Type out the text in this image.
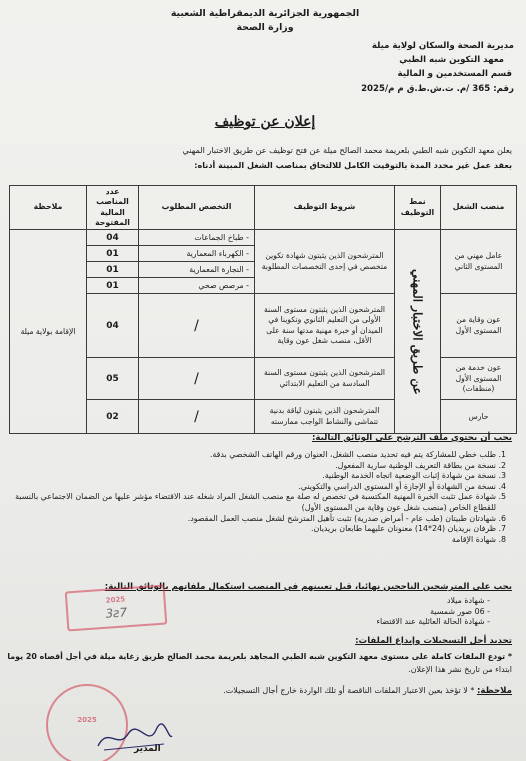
الجمهورية الجزائرية الديمقراطية الشعبية
وزارة الصحة
مديرية الصحة والسكان لولاية ميلة
معهد التكوين شبه الطبي
قسم المستخدمين و المالية
رقم: 365 /م. ت.ش.ط.ق م م/2025
إعلان عن توظيف
يعلن معهد التكوين شبه الطبي بلعريمة محمد الصالح ميلة عن فتح توظيف عن طريق الاختبار المهني
بعقد عمل غير محدد المدة بالتوقيت الكامل للالتحاق بمناصب الشغل المبينة أدناه:
منصب الشغل	نمط التوظيف	شروط التوظيف	التخصص المطلوب	عدد المناصب المالية المفتوحة	ملاحظة
عامل مهني من المستوى الثاني	عن طريق الاختبار المهني	المترشحون الذين يثبتون شهادة تكوين متخصص في إحدى التخصصات المطلوبة	- طباخ الجماعات	04	الإقامة بولاية ميلة
			- الكهرباء المعمارية	01	
			- النجارة المعمارية	01	
			- مرصص صحي	01	
عون وقاية من المستوى الأول		المترشحون الذين يثبتون مستوى السنة الأولى من التعليم الثانوي وتكوينا في الميدان أو خبرة مهنية مدتها سنة على الأقل، منصب شغل عون وقاية	/	04	
عون خدمة من المستوى الأول (منظفات)		المترشحون الذين يثبتون مستوى السنة السادسة من التعليم الابتدائي	/	05	
حارس		المترشحون الذين يثبتون لياقة بدنية تتماشى والنشاط الواجب ممارسته	/	02	
يجب أن يحتوي ملف الترشح على الوثائق التالية:
1. طلب خطي للمشاركة يتم فيه تحديد منصب الشغل، العنوان ورقم الهاتف الشخصي بدقة.
2. نسخة من بطاقة التعريف الوطنية سارية المفعول.
3. نسخة من شهادة إثبات الوضعية اتجاه الخدمة الوطنية.
4. نسخة من الشهادة أو الإجازة أو المستوى الدراسي والتكويني.
5. شهادة عمل تثبت الخبرة المهنية المكتسبة في تخصص له صلة مع منصب الشغل المراد شغله عند الاقتضاء مؤشر عليها من الضمان الاجتماعي بالنسبة للقطاع الخاص (منصب شغل عون وقاية من المستوى الأول)
6. شهادتان طبيتان (طب عام - أمراض صدرية) تثبت تأهيل المترشح لشغل منصب العمل المقصود.
7. ظرفان بريديان (24*14) معنونان عليهما طابعان بريديان.
8. شهادة الإقامة
يجب على المترشحين الناجحين نهائيا، قبل تعيينهم في المنصب استكمال ملفاتهم بالوثائق التالية:
- شهادة ميلاد
- 06 صور شمسية
- شهادة الحالة العائلية عند الاقتضاء
تحديد أجل التسجيلات وإيداع الملفات:
* تودع الملفات كاملة على مستوى معهد التكوين شبه الطبي المجاهد بلعريمة محمد الصالح طريق زغاية ميلة في أجل أقصاه 20 يوما
ابتداء من تاريخ نشر هذا الإعلان.
ملاحظة: * لا تؤخذ بعين الاعتبار الملفات الناقصة أو تلك الواردة خارج أجال التسجيلات.
2025
3ƨ7
2025
المدير
